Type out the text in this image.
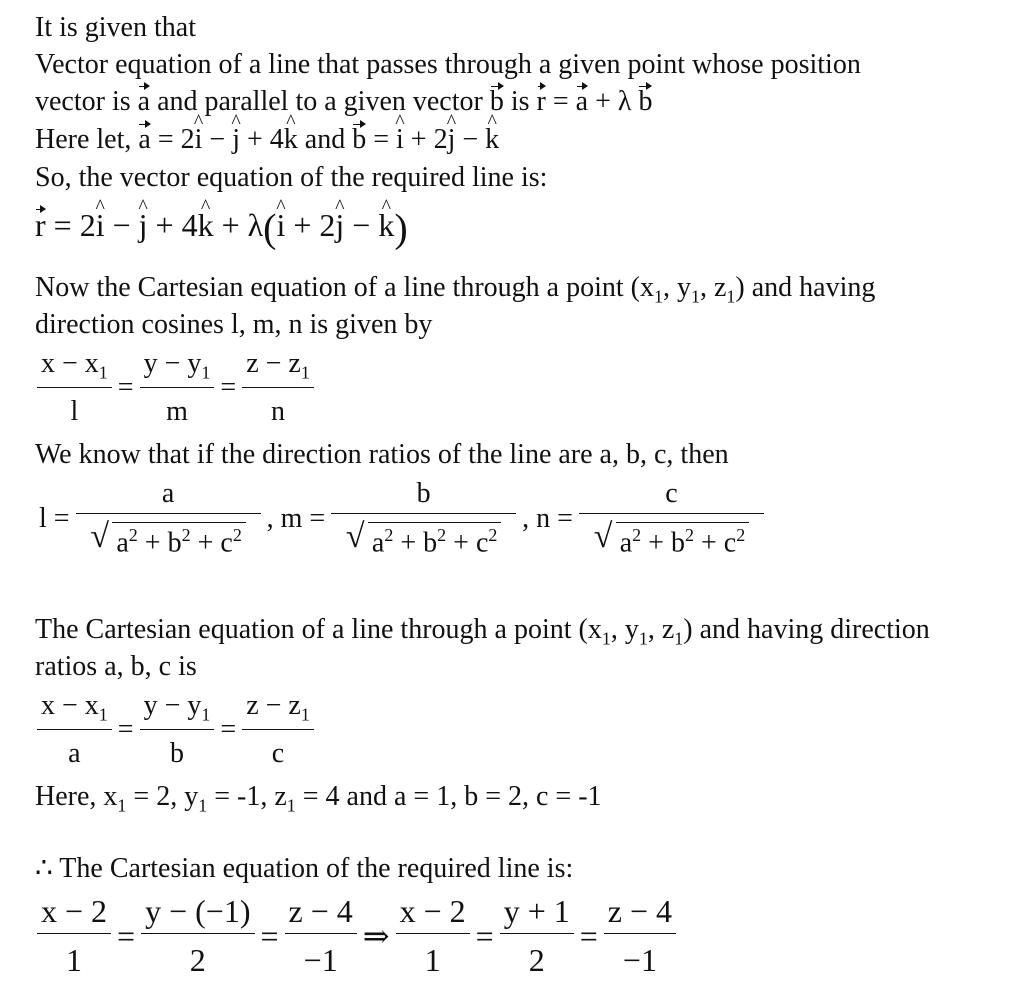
It is given that
Vector equation of a line that passes through a given point whose position
vector is a and parallel to a given vector b is r = a + λ b
Here let, a = 2i ^ − j ^ + 4k ^ and b = i ^ + 2j ^ − k ^
So, the vector equation of the required line is:
r = 2i ^ − j ^ + 4k ^ + λ(i ^ + 2j ^ − k ^)
Now the Cartesian equation of a line through a point ($x_1$, $y_1$, $z_1$) and having
direction cosines l, m, n is given by
$\frac{x - x_1}{l} = \frac{y - y_1}{m} = \frac{z - z_1}{n}$
We know that if the direction ratios of the line are a, b, c, then
l = a
√ $a^2 + b^2 + c^2$ , m = b
√ $a^2 + b^2 + c^2$ , n = c
√ $a^2 + b^2 + c^2$
The Cartesian equation of a line through a point ($x_1$, $y_1$, $z_1$) and having direction
ratios a, b, c is
$\frac{x - x_1}{a} = \frac{y - y_1}{b} = \frac{z - z_1}{c}$
Here, $x_1 = 2$, $y_1 = -1$, $z_1 = 4$ and a = 1, b = 2, c = -1
∴ The Cartesian equation of the required line is:
$\frac{x - 2}{1} = \frac{y - (-1)}{2} = \frac{z - 4}{-1}$ ⇒ $\frac{x - 2}{1} = \frac{y + 1}{2} = \frac{z - 4}{-1}$
